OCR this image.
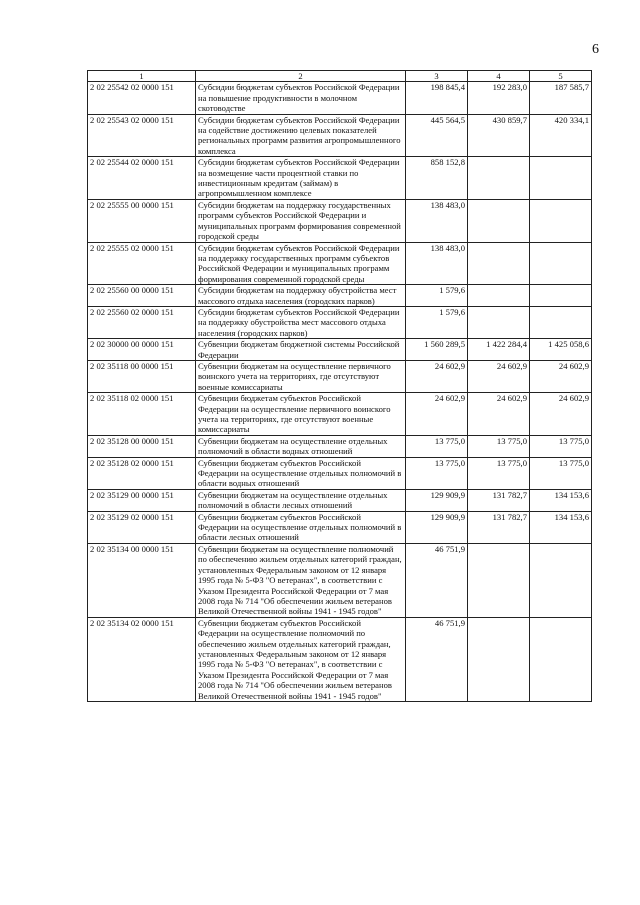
6
1	2	3	4	5
2 02 25542 02 0000 151	Субсидии бюджетам субъектов Российской Федерации на повышение продуктивности в молочном скотоводстве	198 845,4	192 283,0	187 585,7
2 02 25543 02 0000 151	Субсидии бюджетам субъектов Российской Федерации на содействие достижению целевых показателей региональных программ развития агропромышленного комплекса	445 564,5	430 859,7	420 334,1
2 02 25544 02 0000 151	Субсидии бюджетам субъектов Российской Федерации на возмещение части процентной ставки по инвестиционным кредитам (займам) в агропромышленном комплексе	858 152,8		
2 02 25555 00 0000 151	Субсидии бюджетам на поддержку государственных программ субъектов Российской Федерации и муниципальных программ формирования современной городской среды	138 483,0		
2 02 25555 02 0000 151	Субсидии бюджетам субъектов Российской Федерации на поддержку государственных программ субъектов Российской Федерации и муниципальных программ формирования современной городской среды	138 483,0		
2 02 25560 00 0000 151	Субсидии бюджетам на поддержку обустройства мест массового отдыха населения (городских парков)	1 579,6		
2 02 25560 02 0000 151	Субсидии бюджетам субъектов Российской Федерации на поддержку обустройства мест массового отдыха населения (городских парков)	1 579,6		
2 02 30000 00 0000 151	Субвенции бюджетам бюджетной системы Российской Федерации	1 560 289,5	1 422 284,4	1 425 058,6
2 02 35118 00 0000 151	Субвенции бюджетам на осуществление первичного воинского учета на территориях, где отсутствуют военные комиссариаты	24 602,9	24 602,9	24 602,9
2 02 35118 02 0000 151	Субвенции бюджетам субъектов Российской Федерации на осуществление первичного воинского учета на территориях, где отсутствуют военные комиссариаты	24 602,9	24 602,9	24 602,9
2 02 35128 00 0000 151	Субвенции бюджетам на осуществление отдельных полномочий в области водных отношений	13 775,0	13 775,0	13 775,0
2 02 35128 02 0000 151	Субвенции бюджетам субъектов Российской Федерации на осуществление отдельных полномочий в области водных отношений	13 775,0	13 775,0	13 775,0
2 02 35129 00 0000 151	Субвенции бюджетам на осуществление отдельных полномочий в области лесных отношений	129 909,9	131 782,7	134 153,6
2 02 35129 02 0000 151	Субвенции бюджетам субъектов Российской Федерации на осуществление отдельных полномочий в области лесных отношений	129 909,9	131 782,7	134 153,6
2 02 35134 00 0000 151	Субвенции бюджетам на осуществление полномочий по обеспечению жильем отдельных категорий граждан, установленных Федеральным законом от 12 января 1995 года № 5-ФЗ "О ветеранах", в соответствии с Указом Президента Российской Федерации от 7 мая 2008 года № 714 "Об обеспечении жильем ветеранов Великой Отечественной войны 1941 - 1945 годов"	46 751,9		
2 02 35134 02 0000 151	Субвенции бюджетам субъектов Российской Федерации на осуществление полномочий по обеспечению жильем отдельных категорий граждан, установленных Федеральным законом от 12 января 1995 года № 5-ФЗ "О ветеранах", в соответствии с Указом Президента Российской Федерации от 7 мая 2008 года № 714 "Об обеспечении жильем ветеранов Великой Отечественной войны 1941 - 1945 годов"	46 751,9		
